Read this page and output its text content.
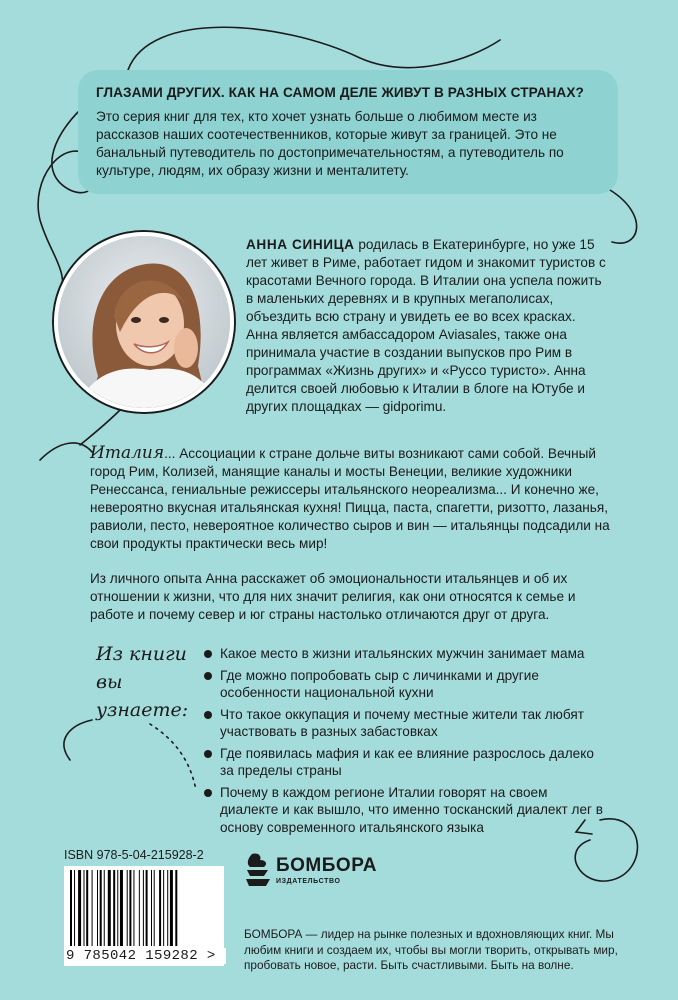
ГЛАЗАМИ ДРУГИХ. КАК НА САМОМ ДЕЛЕ ЖИВУТ В РАЗНЫХ СТРАНАХ?

Это серия книг для тех, кто хочет узнать больше о любимом месте из рассказов наших соотечественников, которые живут за границей. Это не банальный путеводитель по достопримечательностям, а путеводитель по культуре, людям, их образу жизни и менталитету.

АННА СИНИЦА родилась в Екатеринбурге, но уже 15 лет живет в Риме, работает гидом и знакомит туристов с красотами Вечного города. В Италии она успела пожить в маленьких деревнях и в крупных мегаполисах, объездить всю страну и увидеть ее во всех красках. Анна является амбассадором Aviasales, также она принимала участие в создании выпусков про Рим в программах «Жизнь других» и «Руссо туристо». Анна делится своей любовью к Италии в блоге на Ютубе и других площадках — gidporimu.

Италия... Ассоциации к стране дольче виты возникают сами собой. Вечный город Рим, Колизей, манящие каналы и мосты Венеции, великие художники Ренессанса, гениальные режиссеры итальянского неореализма... И конечно же, невероятно вкусная итальянская кухня! Пицца, паста, спагетти, ризотто, лазанья, равиоли, песто, невероятное количество сыров и вин — итальянцы подсадили на свои продукты практически весь мир!

Из личного опыта Анна расскажет об эмоциональности итальянцев и об их отношении к жизни, что для них значит религия, как они относятся к семье и работе и почему север и юг страны настолько отличаются друг от друга.

Из книги
вы узнаете:

Какое место в жизни итальянских мужчин занимает мама
Где можно попробовать сыр с личинками и другие особенности национальной кухни
Что такое оккупация и почему местные жители так любят участвовать в разных забастовках
Где появилась мафия и как ее влияние разрослось далеко за пределы страны
Почему в каждом регионе Италии говорят на своем диалекте и как вышло, что именно тосканский диалект лег в основу современного итальянского языка

ISBN 978-5-04-215928-2

9 785042 159282 >

БОМБОРА

ИЗДАТЕЛЬСТВО

БОМБОРА — лидер на рынке полезных и вдохновляющих книг. Мы любим книги и создаем их, чтобы вы могли творить, открывать мир, пробовать новое, расти. Быть счастливыми. Быть на волне.
